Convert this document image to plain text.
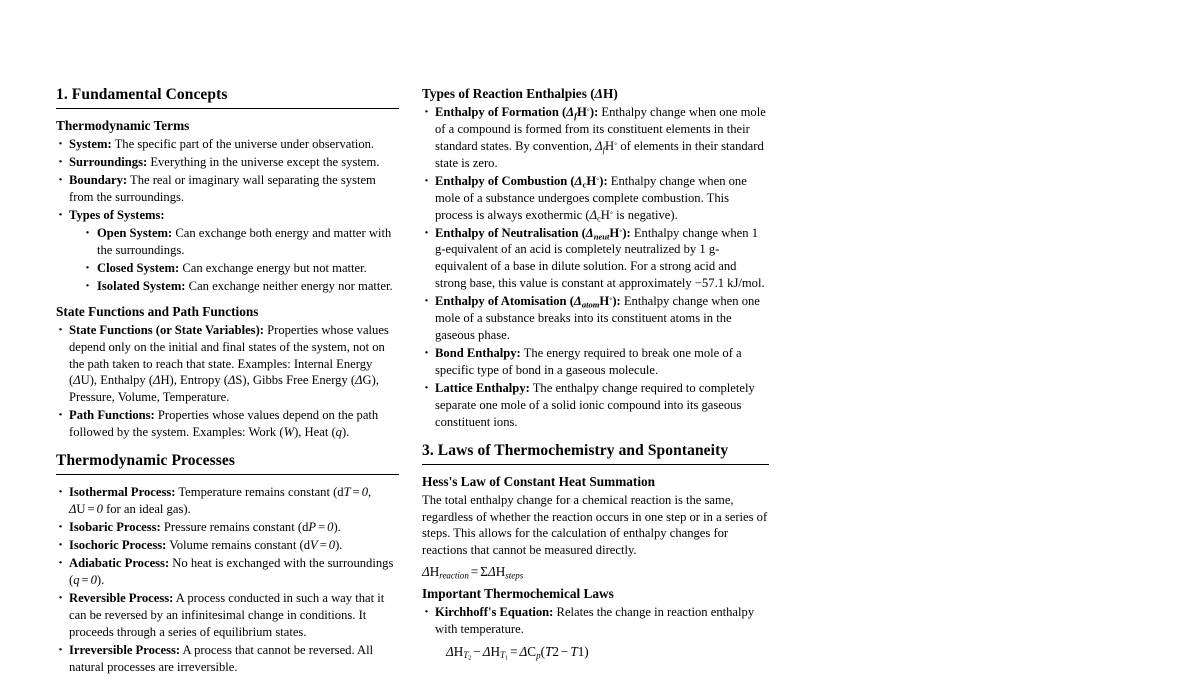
1. Fundamental Concepts
Thermodynamic Terms
· System: The specific part of the universe under observation.
· Surroundings: Everything in the universe except the system.
· Boundary: The real or imaginary wall separating the system from the surroundings.
· Types of Systems:
· Open System: Can exchange both energy and matter with the surroundings.
· Closed System: Can exchange energy but not matter.
· Isolated System: Can exchange neither energy nor matter.
State Functions and Path Functions
· State Functions (or State Variables): Properties whose values depend only on the initial and final states of the system, not on the path taken to reach that state. Examples: Internal Energy (ΔU), Enthalpy (ΔH), Entropy (ΔS), Gibbs Free Energy (ΔG), Pressure, Volume, Temperature.
· Path Functions: Properties whose values depend on the path followed by the system. Examples: Work (W), Heat (q).
Thermodynamic Processes
· Isothermal Process: Temperature remains constant (dT = 0, ΔU = 0 for an ideal gas).
· Isobaric Process: Pressure remains constant (dP = 0).
· Isochoric Process: Volume remains constant (dV = 0).
· Adiabatic Process: No heat is exchanged with the surroundings (q = 0).
· Reversible Process: A process conducted in such a way that it can be reversed by an infinitesimal change in conditions. It proceeds through a series of equilibrium states.
· Irreversible Process: A process that cannot be reversed. All natural processes are irreversible.
Types of Reaction Enthalpies (ΔH)
· Enthalpy of Formation $(\Delta_fH^◦)$: Enthalpy change when one mole of a compound is formed from its constituent elements in their standard states. By convention, $\Delta_fH^◦$ of elements in their standard state is zero.
· Enthalpy of Combustion $(\Delta_cH^◦)$: Enthalpy change when one mole of a substance undergoes complete combustion. This process is always exothermic ($\Delta_cH^◦$ is negative).
· Enthalpy of Neutralisation $(\Delta_{neut}H^◦)$: Enthalpy change when 1 g-equivalent of an acid is completely neutralized by 1 g-equivalent of a base in dilute solution. For a strong acid and strong base, this value is constant at approximately −57.1 kJ/mol.
· Enthalpy of Atomisation $(\Delta_{atom}H^◦)$: Enthalpy change when one mole of a substance breaks into its constituent atoms in the gaseous phase.
· Bond Enthalpy: The energy required to break one mole of a specific type of bond in a gaseous molecule.
· Lattice Enthalpy: The enthalpy change required to completely separate one mole of a solid ionic compound into its gaseous constituent ions.
3. Laws of Thermochemistry and Spontaneity
Hess's Law of Constant Heat Summation

The total enthalpy change for a chemical reaction is the same, regardless of whether the reaction occurs in one step or in a series of steps. This allows for the calculation of enthalpy changes for reactions that cannot be measured directly.

$\Delta H_{reaction} = \Sigma\Delta H_{steps}$
Important Thermochemical Laws
· Kirchhoff's Equation: Relates the change in reaction enthalpy with temperature.
$\Delta H_{T_2}- \Delta H_{T_1}= \Delta C_p(T2 - T1)$
